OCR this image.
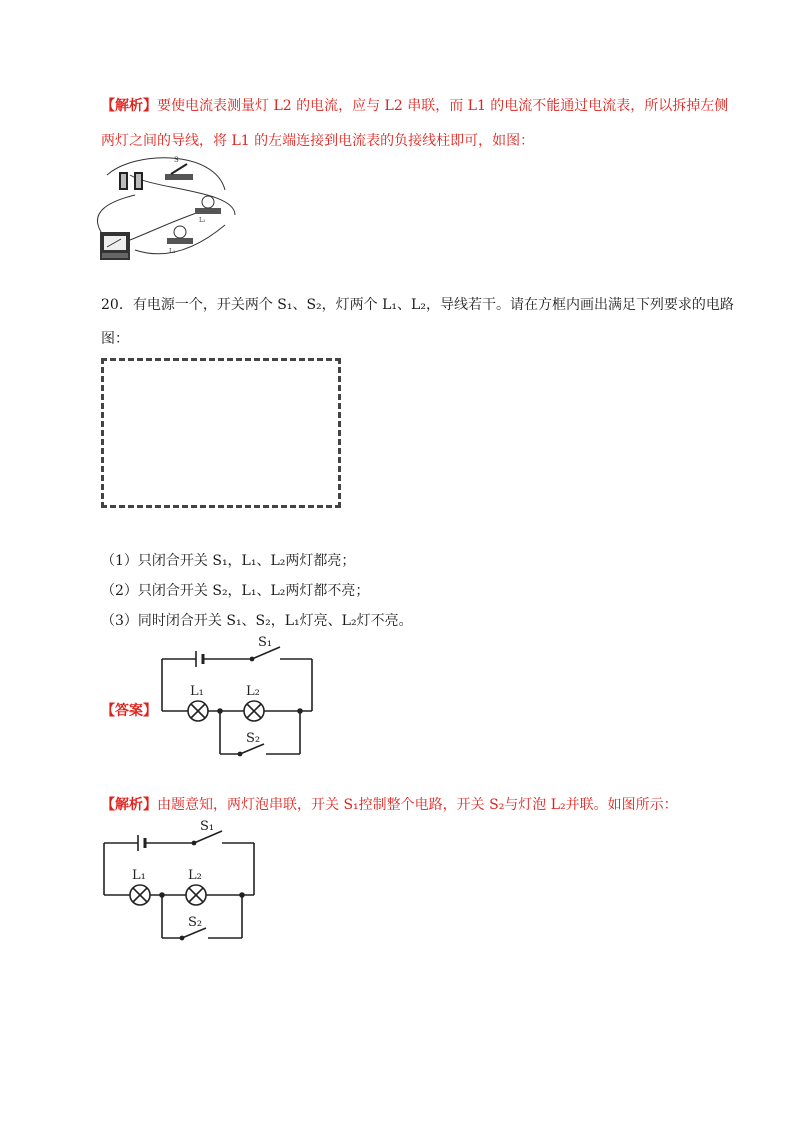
【解析】要使电流表测量灯 L2 的电流，应与 L2 串联，而 L1 的电流不能通过电流表，所以拆掉左侧
两灯之间的导线，将 L1 的左端连接到电流表的负接线柱即可，如图：
S
L₂
L₁
20．有电源一个，开关两个 S₁、S₂，灯两个 L₁、L₂，导线若干。请在方框内画出满足下列要求的电路
图：
（1）只闭合开关 S₁，L₁、L₂两灯都亮；
（2）只闭合开关 S₂，L₁、L₂两灯都不亮；
（3）同时闭合开关 S₁、S₂，L₁灯亮、L₂灯不亮。
【答案】
S₁
L₁	L₂
S₂
【解析】由题意知，两灯泡串联，开关 S₁控制整个电路，开关 S₂与灯泡 L₂并联。如图所示：
S₁
L₁	L₂
S₂
